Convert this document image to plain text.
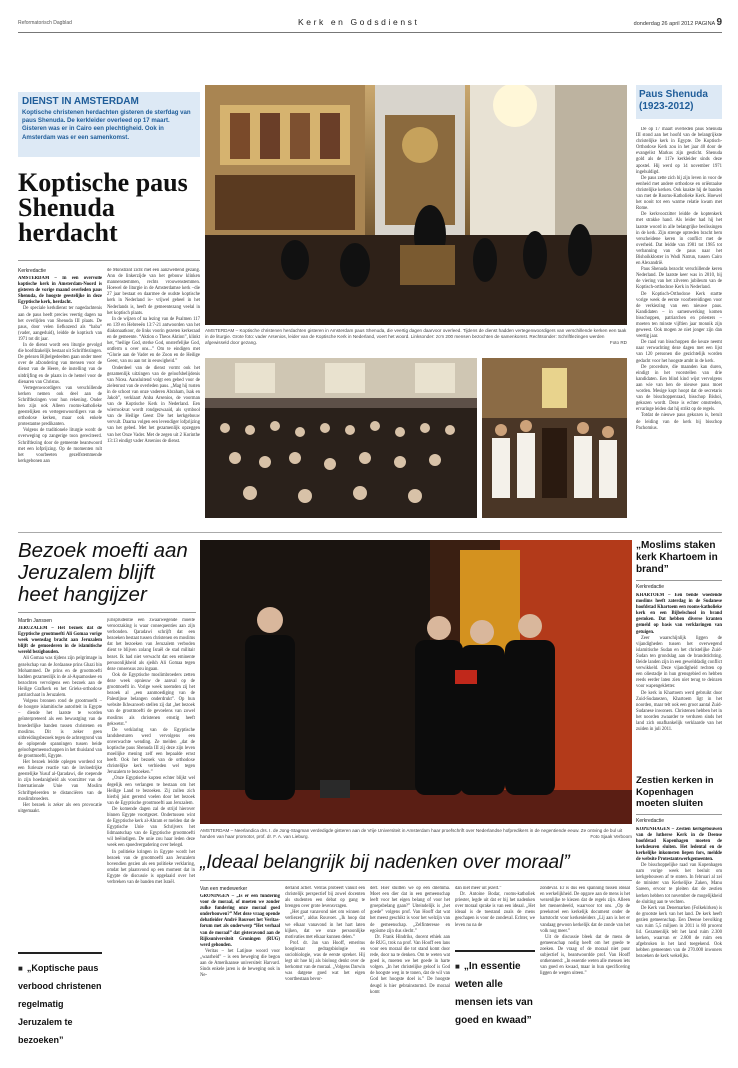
Reformatorisch Dagblad	Kerk en Godsdienst	donderdag 26 april 2012 PAGINA 9
DIENST IN AMSTERDAM
Koptische christenen herdachten gisteren de sterfdag van paus Shenuda. De kerkleider overleed op 17 maart. Gisteren was er in Cairo een plechtigheid. Ook in Amsterdam was er een samenkomst.
Koptische paus Shenuda herdacht
Kerkredactie

AMSTERDAM – In een overvolle koptische kerk in Amsterdam-Noord is gisteren de vorige maand overleden paus Shenuda, de hoogste geestelijke in deze Egyptische kerk, herdacht.

De speciale kerkdienst ter nagedachtenis aan de paus heeft precies veertig dagen na het overlijden van Shenuda III plaats. De paus, door velen liefkozend als “baba” (vader, aangeduid), leidde de koptisch van 1971 tot dit jaar.

In de dienst wordt een liturgie gevolgd die hoofdzakelijk bestaat uit Schriftlezingen. De gelezen Bijbelgedeelten gaan onder meer over de afzondering van mensen voor de dienst van de Heere, de instelling van de uitdrijfing en de plaats in de hemel voor de dienaren van Christus.

Vertegenwoordigers van verschillende kerken nemen ook deel aan de Schriftlezingen voor hun rekening. Onder hen zijn ook Alleen rooms-katholieke geestelijken en vertegenwoordigers van de orthodoxe kerken, maar ook enkele protestantse predikanten.

Volgens de traditionele liturgie wordt de overweging op zangerige toon gereciteerd. Schriftlezing door de gemeente beantwoord met een lofprijzing. Op de momenten rult het voorbeeten gezelfstemmende kerkgebonen aan

de Monstrant zicht met een aanzwellend gezang. Ann de linkerzijde van het gebouw klinken mannenstemmen, rechts vrouwenstemmen. Hoewel de liturgie in de Amsterdamse kerk –die 27 jaar bestaat en daarmee de oudste koptische kerk in Nederland is– vrijwel geheel in het Nederlands is, heeft de gemeentezang veelal in het koptisch plaats.

In de wijzen of na lezing van de Psalmen 117 en 139 en Hebreeën 13:7-21 antwoorden van het diakonaatkoor, de links voorin gezeten kerkeraad en de gemeente. “Aktion o Theos Aktion”, klinkt het, “heilige God, sterke God, onsterfelijke God, ontferm u over ons...” Om te eindigen met “Glorie aan de Vader en de Zoon en de Heilige Geest, van nu aan tot in eeuwigheid.”

Onderdeel van de dienst vormt ook het gezamenlijk uitzingen van de geloofsbelijdenis van Nicea. Aansluitend volgt een gebed voor de zielenrust van de overleden paus. „Mag hij rusten in de schoot van onze vaderen Abraham, Isak en Jakob”, verklaart Anba Arsenios, de voorman van de Koptische Kerk in Nederland. Een wierrookvat wordt rondgezwaaid, als symbool van de Heilige Geest Die het kerkgebouw vervult. Daarna volgen een levendiger lofprijzing van het gebed. Met het gezamenlijk opzeggen van het Onze Vader. Met de zegen uit 2 Korinthe 13:13 eindigt vader Arsenios de dienst.

AMSTERDAM – Koptische christenen herdachten gisteren in Amsterdam paus Shenuda, die veertig dagen daarvoor overleed. Tijdens de dienst hadden vertegenwoordigers van verschillende kerken een taak in de liturgie. Grote foto: vader Arsenios, leider van de Koptische Kerk in Nederland, voert het woord. Linksonder: zo'n 200 mensen bezochten de samenkomst. Rechtsonder: Schriftlezingen werden afgewisseld door gezang.	Foto RD
Paus Shenuda (1923-2012)

De op 17 maart overleden paus Shenuda III stond aan het hoofd van de belangrijkste christelijke kerk in Egypte. De Koptisch-Orthodoxe Kerk zou in het jaar 40 door de evangelist Markus zijn gesticht. Shenuda gold als de 117e kerkleider sinds deze apostel. Hij werd op 14 november 1971 ingehuldigd.

De paus zette zich bij zijn leven in voor de eenheid met andere orthodoxe en oriëntaalse christelijke kerken. Ook knakte hij de banden van met de Rooms-Katholieke Kerk. Hoewel het nooit tot een warme relatie kwam met Rome.

De kerkvoorzitter leidde de koptenkerk met strakke hand. Als leider had hij het laatste woord in alle belangrijke beslissingen in de kerk. Zijn strenge optreden bracht hem verscheidene keren in conflict met de overheid. Dat leidde van 1981 tot 1985 tot verbanning van de paus naar het Bishoikkloster in Wadi Natrun, tussen Cairo en Alexandrië.

Paus Shenuda bezocht verschillende keren Nederland. De laatste keer was in 2010, bij de viering van het zilveren jubileum van de Koptisch-orthodoxe Kerk in Nederland.

De Koptisch-Orthodoxe Kerk startte vorige week de eerste voorbereidingen voor de verkiezing van een nieuwe paus. Kandidaten – in samenwerking komen bisschoppen, patriarchen en priesters – moeten ten minste vijftien jaar monnik zijn geweest. Ook mogen ze niet jonger zijn dan veertig jaar.

De raad van bisschoppen die keuze neemt naar verwachting deze dagen met een lijst van 120 personen die gezichtelijk worden gedacht voor het hoogste ambt in de kerk.

De procedure, die maanden kan duren, eindigt in het voorstellen van drie kandidaten. Een blind kind wijst vervolgens aan wie van hen de nieuwe paus moet worden. Mesige kopt hoopt dat de secretaris van de bisschoppenraad, bisschop Bishoi, gekozen wordt. Deze is echter omstreden, ervaringe leiden dat hij strikt op de regels.

Totdat de nieuwe paus gekozen is, beruit de leiding van de kerk bij bisschop Pachomius.

Bezoek moefti aan Jeruzalem blijft heet hangijzer
Martin Janssen

JERUZALEM – Het bezoek dat de Egyptische grootmoefti Ali Gomaa vorige week woensdag bracht aan Jeruzalem blijft de gemoederen in de islamitische wereld bezighouden.

Ali Gomaa was tijdens zijn pelgrimage in gezelschap van de Jordaanse prins Ghazi bin Mohammed. De prins en de grootmoefti hadden gezamenlijk in de al-Aqsamoskee en bezochten vervolgens een bezoek aan de Heilige Grafkerk en het Grieks-orthodoxe patriarchaat in Jeruzalem.

Volgens bronnen rond de grootmoefti – de hoogste islamitische autoriteit in Egypte – diende het laatste te worden geïnterpreteerd als een bewustging van de broederlijke banden tussen christenen en moslims. Dit is zeker geen uitbreidingsbezoek tegen de achtergrond van de oplopende spanningen tussen beide geloofsgemeenschappen in het thuisland van de grootmoefti, Egypte.

Het bezoek leidde oplegen wordend tot een furieuze reactie van de invloedrijke geestelijke Yusuf al-Qaradawi, die roepende in zijn hoedanigheid als voorzitter van de Internationale Unie van Moslim Schriftgeleerden te distanciëren van de moslimbroeders.

Het bezoek is zeker als een provocatie uitgemaakt.

jurisprudentie een zwaarwegende moeite veroorzaking is waar consequenties aan zijn verbonden. Qaradawi schrijft dat een bezoeken bestaat tussen christenen en moslims dat het bezoeken van Jeruzalem verboden dient te blijven zolang Israël de stad militair bezet. Ik had niet verwacht dat een eminente persoonlijkheid als sjeikh Ali Gomaa tegen deze consensus zou ingaan.

Ook de Egyptische moslimbroeders zetten deze week opnieuw de aanval op de grootmoefti in. Vorige week noemden zij het bezoek al „een aanmoediging van de Palestijnse belangen onderdrukt”. Op hun website Ikhwanweb stellen zij dat „het bezoek van de grootmoefti de gevoelens van zowel moslims als christenen ernstig heeft gekwetst.”

De verklaring van de Egyptische landsbesturen werd vervolgens een onverwachte wending. Ze melden „dat de koptische paus Shenuda III zij deze zijn leven moeilijke mening zelf een bepaalde ernst heeft. Ook het bezoek van de orthodoxe christelijke kerk verbieden wel tegen Jeruzalem te bezoeken.”

„Onze Egyptische kopten echter blijkt wel degelijk een verlangen te bestaan om het Heilige Land te bezoeken. Zij zullen zich hierbij juist geremd voelen door het bezoek van de Egyptische grootmoefti aan Jeruzalem.

De komende dagen zal de strijd hierover binnen Egypte voortgezet. Ondertussen wint de Egyptische kerk al-Ahram er melden dat de Egyptische Unie van Schrijvers het lidmaatschap van de Egyptische grootmoefti wil beëindigen. De unie zou haar leden deze week een spoedvergadering over belegd.

In politieke kringen in Egypte wordt het bezoek van de grootmoefti aan Jeruzalem bovendien gezien als een politieke verklaring, omdat het plaatsvond op een moment dat in Egypte de discussie is opgelaaid over het verbreken van de banden met Israël.

■ „Koptische paus verbood christenen regelmatig Jeruzalem te bezoeken”
AMSTERDAM – Neerlandica drs. I. de Jong-Stagman verdedigde gisteren aan de Vrije Universiteit in Amsterdam haar proefschrift over Nederlandse hofpredikers in de negentiende eeuw. Ze ontving de bul uit handen van haar promotor, prof. dr. F. A. van Lieburg.	Foto Sjaak Verboom
„Moslims staken kerk Khartoem in brand”
Kerkredactie

KHARTOEM – Een bende woedende moslims heeft zaterdag in de Sudanese hoofdstad Khartoem een rooms-katholieke kerk en een Bijbelschool in brand gestoken. Dat hebben diverse kranten gemeld op basis van verklaringen van getuigen.

Zeer waarschijnlijk liggen de vijandigheden tussen het overwegend islamitische Sudan en het christelijke Zuid-Sudan ten grondslag aan de brandstichting. Beide landen zijn in een gewelddadig conflict verwikkeld. Deze vijandigheid rechten op een oliestadje in hun grensgebied en hebben reeds eerder laten zien niet terug te deinzen voor wapengekletter.

De kerk in Khartoem werd gebruikt door Zuid-Sudanezen, Khartoem ligt in het noorden, maar telt ook een groot aantal Zuid-Sudanese inwoners. Christenen hebben het in het noorden zwaarder te verduren sinds het land zich onafhankelijk verklaarde van het zuiden in juli 2011.

Zestien kerken in Kopenhagen moeten sluiten
Kerkredactie

KOPENHAGEN – Zestien kerkgebouwen van de lutherse Kerk in de Deense hoofdstad Kopenhagen moeten de kerkdeuren sluiten. Het ledental en de kerkelijke inkomsten liepen fors, meldde de website Protestantswerkgemeenten.

De bisschoppelijke raad van Kopenhagen nam vorige week het besluit om kerkgebouwen af te stoten. In februari al zei de minister van Kerkelijke Zaken, Manu Sareen, ervoor te pleiten dat de zestien kerken hebben tot november de mogelijkheid de sluiting aan te vechten.

De Kerk van Denemarken (Folkekirken) is de grootste kerk van het land. De kerk heeft gezien gemeenschap. Een Deense bevolking van ruim 5,5 miljoen in 2011 is 80 procent lid. Gezamenlijk telt het land ruim 2.300 kerken, waarvan er 2.800 de ruim een afgebroken in het land toegekend. Ook hebben gemeenten van de 270.000 inwoners bezoeken de kerk wekelijks.

„Ideaal belangrijk bij nadenken over moraal”
Van een medewerker

GRONINGEN – „Is er een fundering voor de moraal, of moeten we zonder zulke fundering onze moraal goed onderbouwen?” Met deze vraag opende debatleider André Rouvoet het Veritas-forum met als onderwerp “Het verhaal van de moraal” dat gisteravond aan de Rijksuniversiteit Groningen (RUG) werd gehouden.

Veritas – het Latijnse woord voor „waarheid” – is een beweging die begon aan de Amerikaanse universiteit Harvard. Sinds enkele jaren is de beweging ook in Ne-

derland actief. Veritas probeert vanuit een christelijk perspectief bij zowel docenten als studenten een debat op gang te brengen over grote levensvragen.

„Het gaat vanavond niet om winnen of verliezen”, aldus Rouvoet. „Ik hoop dat we elkaar vanavond in het hart laten kijken, dat we onze persoonlijke motivaties met elkaar kunnen delen.”

Prof. dr. Jan van Hooff, emeritus hoogleraar gedragsbiologie en sociobiologie, was de eerste spreker. Hij legt uit hoe hij als bioloog denkt over de herkomst van de moraal. „Volgens Darwin was datgene goed wat het eigen voortbestaan bevor-

dert. Hier stuitten we op een dilemma. Moet een dier dat in een gemeenschap leeft voor het eigen belang of voor het groepsbelang gaan?” Uiteindelijk is „het goede” volgens prof. Van Hooff dat wat het meest geschikt is voor het welzijn van de gemeenschap. „Zelfinteresse en egoïsme zijn dus slecht.”

Dr. Frank Hindriks, docent ethiek aan de RUG, trok na prof. Van Hooff een lans voor een moraal die tot stand komt door rede, door na te denken. Om te weten wat goed is, moeten we het goede in harte volgen. „In het christelijke geloof is God de hoogste weg in te tonen, dat de wil van God het hoogste doel is.” De hoogste deugd is hier gebrainstormd. De moraal komt

dan niet meer uit jezelf.”

Dr. Antoine Bodar, rooms-katholiek priester, legde uit dat er bij het nadenken over moraal sprake is van een ideaal. „Het ideaal is de toestand zoals de mens geschapen is voor de zondeval. Echter, we leven nu na de

■ „In essentie weten alle mensen iets van goed en kwaad”

zondeval. Er is dus een spanning tussen ideaal en werkelijkheid. De opgave aan de mens is het wezenlijke te kiezen dat de regels zijn. Alleen het mensenbeeld, waarvoor tot ons. „Op de preekstoel een kerkelijk document onder de hartstocht voor kerkenleiders „Lij aan is het er vandaag gewoon kerkelijk dat de zonde van het volk nog meer.”

Uit de discussie bleek dat de mens de gemeenschap nodig heeft om het goede te zoeken. De vraag of de moraal niet puur subjectief is, beantwoordde prof. Van Hooff ontkennend: „In essentie weten alle mensen iets van goed en kwaad, maar in hun specificering liggen de wegen uiteen.”
